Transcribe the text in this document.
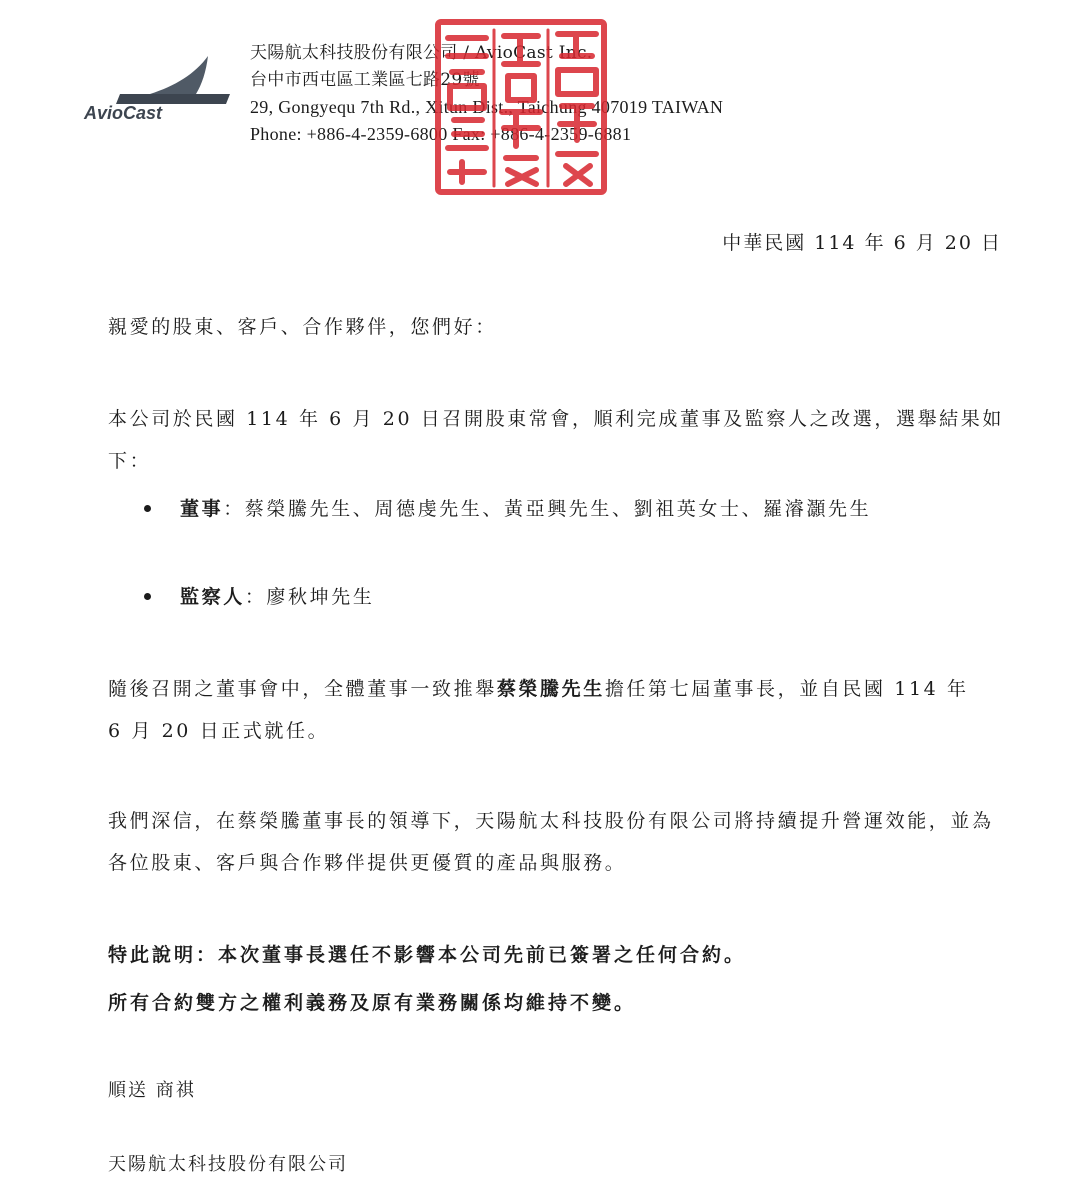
AvioCast
天陽航太科技股份有限公司 / AvioCast Inc.
台中市西屯區工業區七路29號
29, Gongyequ 7th Rd., Xitun Dist., Taichung 407019 TAIWAN
Phone: +886-4-2359-6800 Fax: +886-4-2359-6881
中華民國 114 年 6 月 20 日
親愛的股東、客戶、合作夥伴，您們好：
本公司於民國 114 年 6 月 20 日召開股東常會，順利完成董事及監察人之改選，選舉結果如下：
董事：蔡榮騰先生、周德虔先生、黃亞興先生、劉祖英女士、羅濬灝先生
監察人：廖秋坤先生
隨後召開之董事會中，全體董事一致推舉蔡榮騰先生擔任第七屆董事長，並自民國 114 年 6 月 20 日正式就任。
我們深信，在蔡榮騰董事長的領導下，天陽航太科技股份有限公司將持續提升營運效能，並為各位股東、客戶與合作夥伴提供更優質的產品與服務。
特此說明：本次董事長選任不影響本公司先前已簽署之任何合約。
所有合約雙方之權利義務及原有業務關係均維持不變。
順送 商祺
天陽航太科技股份有限公司
